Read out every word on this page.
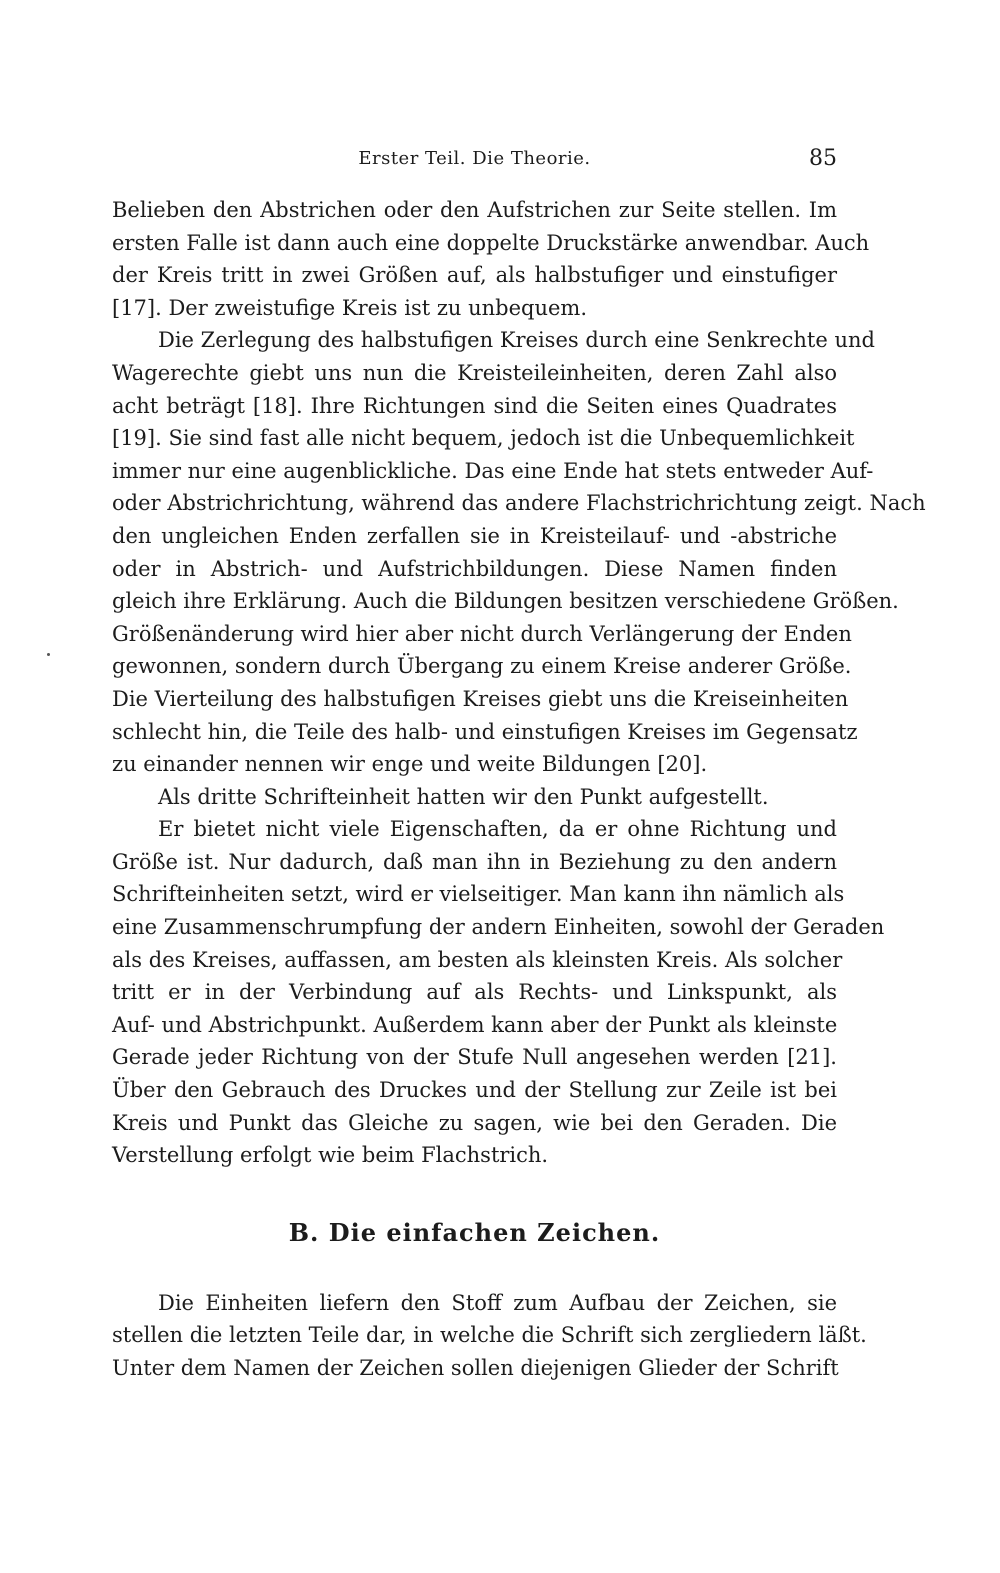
Erster Teil. Die Theorie.	85
Belieben den Abstrichen oder den Aufstrichen zur Seite stellen. Im
ersten Falle ist dann auch eine doppelte Druckstärke anwendbar. Auch
der Kreis tritt in zwei Größen auf, als halbstufiger und einstufiger
[17]. Der zweistufige Kreis ist zu unbequem.
Die Zerlegung des halbstufigen Kreises durch eine Senkrechte und
Wagerechte giebt uns nun die Kreisteileinheiten, deren Zahl also
acht beträgt [18]. Ihre Richtungen sind die Seiten eines Quadrates
[19]. Sie sind fast alle nicht bequem, jedoch ist die Unbequemlichkeit
immer nur eine augenblickliche. Das eine Ende hat stets entweder Auf-
oder Abstrichrichtung, während das andere Flachstrichrichtung zeigt. Nach
den ungleichen Enden zerfallen sie in Kreisteilauf- und -abstriche
oder in Abstrich- und Aufstrichbildungen. Diese Namen finden
gleich ihre Erklärung. Auch die Bildungen besitzen verschiedene Größen.
Größenänderung wird hier aber nicht durch Verlängerung der Enden
gewonnen, sondern durch Übergang zu einem Kreise anderer Größe.
Die Vierteilung des halbstufigen Kreises giebt uns die Kreiseinheiten
schlecht hin, die Teile des halb- und einstufigen Kreises im Gegensatz
zu einander nennen wir enge und weite Bildungen [20].
Als dritte Schrifteinheit hatten wir den Punkt aufgestellt.
Er bietet nicht viele Eigenschaften, da er ohne Richtung und
Größe ist. Nur dadurch, daß man ihn in Beziehung zu den andern
Schrifteinheiten setzt, wird er vielseitiger. Man kann ihn nämlich als
eine Zusammenschrumpfung der andern Einheiten, sowohl der Geraden
als des Kreises, auffassen, am besten als kleinsten Kreis. Als solcher
tritt er in der Verbindung auf als Rechts- und Linkspunkt, als
Auf- und Abstrichpunkt. Außerdem kann aber der Punkt als kleinste
Gerade jeder Richtung von der Stufe Null angesehen werden [21].
Über den Gebrauch des Druckes und der Stellung zur Zeile ist bei
Kreis und Punkt das Gleiche zu sagen, wie bei den Geraden. Die
Verstellung erfolgt wie beim Flachstrich.
B. Die einfachen Zeichen.
Die Einheiten liefern den Stoff zum Aufbau der Zeichen, sie
stellen die letzten Teile dar, in welche die Schrift sich zergliedern läßt.
Unter dem Namen der Zeichen sollen diejenigen Glieder der Schrift
